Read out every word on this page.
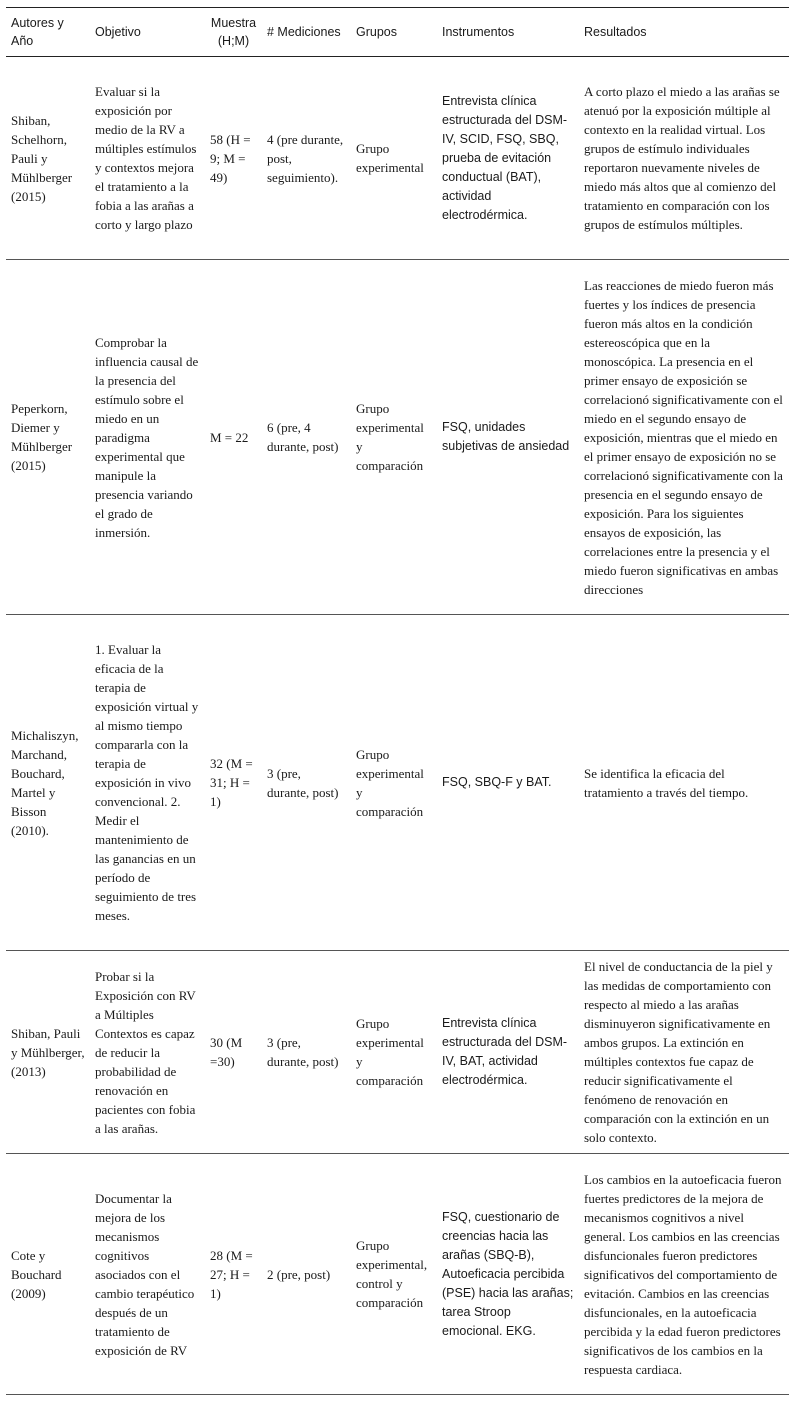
Autores y Año	Objetivo	Muestra (H;M)	# Mediciones	Grupos	Instrumentos	Resultados
Shiban, Schelhorn, Pauli y Mühlberger (2015)	Evaluar si la exposición por medio de la RV a múltiples estímulos y contextos mejora el tratamiento a la fobia a las arañas a corto y largo plazo	58 (H = 9; M = 49)	4 (pre durante, post, seguimiento).	Grupo experimental	Entrevista clínica estructurada del DSM-IV, SCID, FSQ, SBQ, prueba de evitación conductual (BAT), actividad electrodérmica.	A corto plazo el miedo a las arañas se atenuó por la exposición múltiple al contexto en la realidad virtual. Los grupos de estímulo individuales reportaron nuevamente niveles de miedo más altos que al comienzo del tratamiento en comparación con los grupos de estímulos múltiples.
Peperkorn, Diemer y Mühlberger (2015)	Comprobar la influencia causal de la presencia del estímulo sobre el miedo en un paradigma experimental que manipule la presencia variando el grado de inmersión.	M = 22	6 (pre, 4 durante, post)	Grupo experimental y comparación	FSQ, unidades subjetivas de ansiedad	Las reacciones de miedo fueron más fuertes y los índices de presencia fueron más altos en la condición estereoscópica que en la monoscópica. La presencia en el primer ensayo de exposición se correlacionó significativamente con el miedo en el segundo ensayo de exposición, mientras que el miedo en el primer ensayo de exposición no se correlacionó significativamente con la presencia en el segundo ensayo de exposición. Para los siguientes ensayos de exposición, las correlaciones entre la presencia y el miedo fueron significativas en ambas direcciones
Michaliszyn, Marchand, Bouchard, Martel y Bisson (2010).	1. Evaluar la eficacia de la terapia de exposición virtual y al mismo tiempo compararla con la terapia de exposición in vivo convencional. 2. Medir el mantenimiento de las ganancias en un período de seguimiento de tres meses.	32 (M = 31; H = 1)	3 (pre, durante, post)	Grupo experimental y comparación	FSQ, SBQ-F y BAT.	Se identifica la eficacia del tratamiento a través del tiempo.
Shiban, Pauli y Mühlberger, (2013)	Probar si la Exposición con RV a Múltiples Contextos es capaz de reducir la probabilidad de renovación en pacientes con fobia a las arañas.	30 (M =30)	3 (pre, durante, post)	Grupo experimental y comparación	Entrevista clínica estructurada del DSM-IV, BAT, actividad electrodérmica.	El nivel de conductancia de la piel y las medidas de comportamiento con respecto al miedo a las arañas disminuyeron significativamente en ambos grupos. La extinción en múltiples contextos fue capaz de reducir significativamente el fenómeno de renovación en comparación con la extinción en un solo contexto.
Cote y Bouchard (2009)	Documentar la mejora de los mecanismos cognitivos asociados con el cambio terapéutico después de un tratamiento de exposición de RV	28 (M = 27; H = 1)	2 (pre, post)	Grupo experimental, control y comparación	FSQ, cuestionario de creencias hacia las arañas (SBQ-B), Autoeficacia percibida (PSE) hacia las arañas; tarea Stroop emocional. EKG.	Los cambios en la autoeficacia fueron fuertes predictores de la mejora de mecanismos cognitivos a nivel general. Los cambios en las creencias disfuncionales fueron predictores significativos del comportamiento de evitación. Cambios en las creencias disfuncionales, en la autoeficacia percibida y la edad fueron predictores significativos de los cambios en la respuesta cardiaca.
